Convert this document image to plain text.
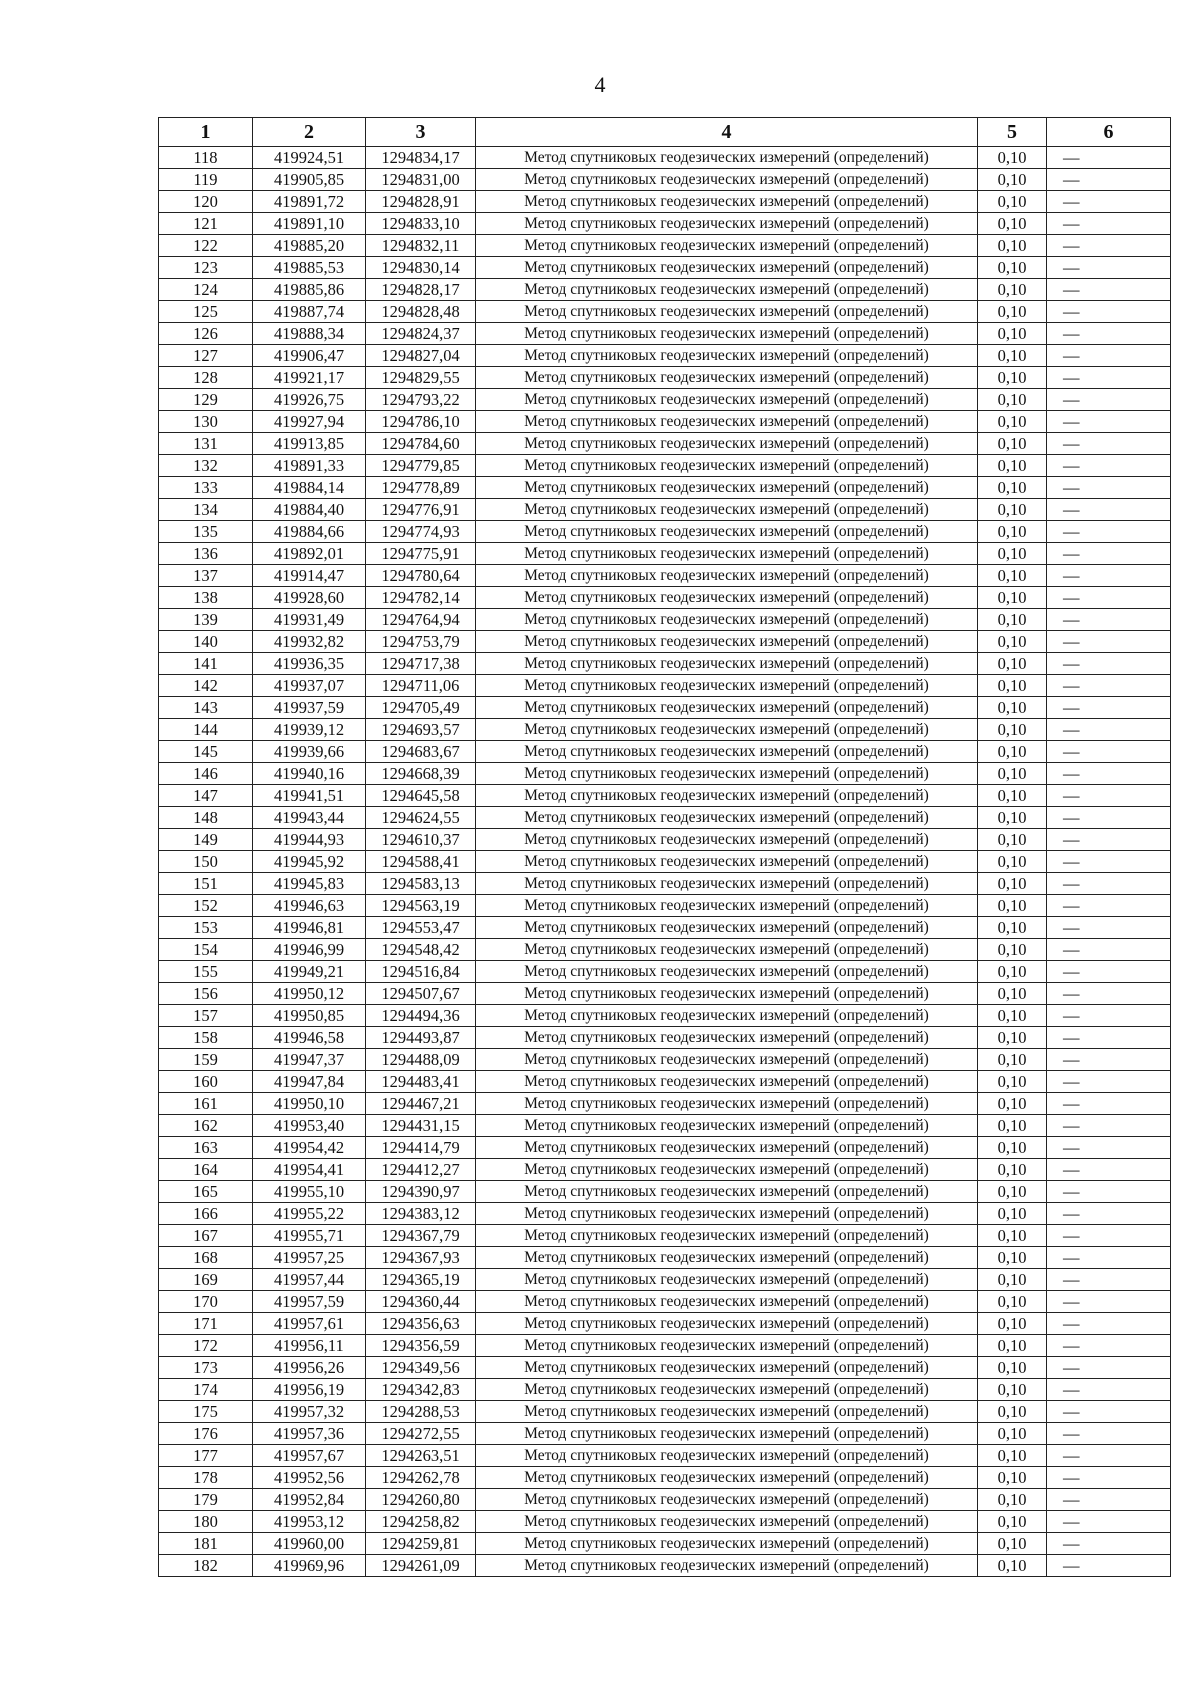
4
1	2	3	4	5	6
118	419924,51	1294834,17	Метод спутниковых геодезических измерений (определений)	0,10	—
119	419905,85	1294831,00	Метод спутниковых геодезических измерений (определений)	0,10	—
120	419891,72	1294828,91	Метод спутниковых геодезических измерений (определений)	0,10	—
121	419891,10	1294833,10	Метод спутниковых геодезических измерений (определений)	0,10	—
122	419885,20	1294832,11	Метод спутниковых геодезических измерений (определений)	0,10	—
123	419885,53	1294830,14	Метод спутниковых геодезических измерений (определений)	0,10	—
124	419885,86	1294828,17	Метод спутниковых геодезических измерений (определений)	0,10	—
125	419887,74	1294828,48	Метод спутниковых геодезических измерений (определений)	0,10	—
126	419888,34	1294824,37	Метод спутниковых геодезических измерений (определений)	0,10	—
127	419906,47	1294827,04	Метод спутниковых геодезических измерений (определений)	0,10	—
128	419921,17	1294829,55	Метод спутниковых геодезических измерений (определений)	0,10	—
129	419926,75	1294793,22	Метод спутниковых геодезических измерений (определений)	0,10	—
130	419927,94	1294786,10	Метод спутниковых геодезических измерений (определений)	0,10	—
131	419913,85	1294784,60	Метод спутниковых геодезических измерений (определений)	0,10	—
132	419891,33	1294779,85	Метод спутниковых геодезических измерений (определений)	0,10	—
133	419884,14	1294778,89	Метод спутниковых геодезических измерений (определений)	0,10	—
134	419884,40	1294776,91	Метод спутниковых геодезических измерений (определений)	0,10	—
135	419884,66	1294774,93	Метод спутниковых геодезических измерений (определений)	0,10	—
136	419892,01	1294775,91	Метод спутниковых геодезических измерений (определений)	0,10	—
137	419914,47	1294780,64	Метод спутниковых геодезических измерений (определений)	0,10	—
138	419928,60	1294782,14	Метод спутниковых геодезических измерений (определений)	0,10	—
139	419931,49	1294764,94	Метод спутниковых геодезических измерений (определений)	0,10	—
140	419932,82	1294753,79	Метод спутниковых геодезических измерений (определений)	0,10	—
141	419936,35	1294717,38	Метод спутниковых геодезических измерений (определений)	0,10	—
142	419937,07	1294711,06	Метод спутниковых геодезических измерений (определений)	0,10	—
143	419937,59	1294705,49	Метод спутниковых геодезических измерений (определений)	0,10	—
144	419939,12	1294693,57	Метод спутниковых геодезических измерений (определений)	0,10	—
145	419939,66	1294683,67	Метод спутниковых геодезических измерений (определений)	0,10	—
146	419940,16	1294668,39	Метод спутниковых геодезических измерений (определений)	0,10	—
147	419941,51	1294645,58	Метод спутниковых геодезических измерений (определений)	0,10	—
148	419943,44	1294624,55	Метод спутниковых геодезических измерений (определений)	0,10	—
149	419944,93	1294610,37	Метод спутниковых геодезических измерений (определений)	0,10	—
150	419945,92	1294588,41	Метод спутниковых геодезических измерений (определений)	0,10	—
151	419945,83	1294583,13	Метод спутниковых геодезических измерений (определений)	0,10	—
152	419946,63	1294563,19	Метод спутниковых геодезических измерений (определений)	0,10	—
153	419946,81	1294553,47	Метод спутниковых геодезических измерений (определений)	0,10	—
154	419946,99	1294548,42	Метод спутниковых геодезических измерений (определений)	0,10	—
155	419949,21	1294516,84	Метод спутниковых геодезических измерений (определений)	0,10	—
156	419950,12	1294507,67	Метод спутниковых геодезических измерений (определений)	0,10	—
157	419950,85	1294494,36	Метод спутниковых геодезических измерений (определений)	0,10	—
158	419946,58	1294493,87	Метод спутниковых геодезических измерений (определений)	0,10	—
159	419947,37	1294488,09	Метод спутниковых геодезических измерений (определений)	0,10	—
160	419947,84	1294483,41	Метод спутниковых геодезических измерений (определений)	0,10	—
161	419950,10	1294467,21	Метод спутниковых геодезических измерений (определений)	0,10	—
162	419953,40	1294431,15	Метод спутниковых геодезических измерений (определений)	0,10	—
163	419954,42	1294414,79	Метод спутниковых геодезических измерений (определений)	0,10	—
164	419954,41	1294412,27	Метод спутниковых геодезических измерений (определений)	0,10	—
165	419955,10	1294390,97	Метод спутниковых геодезических измерений (определений)	0,10	—
166	419955,22	1294383,12	Метод спутниковых геодезических измерений (определений)	0,10	—
167	419955,71	1294367,79	Метод спутниковых геодезических измерений (определений)	0,10	—
168	419957,25	1294367,93	Метод спутниковых геодезических измерений (определений)	0,10	—
169	419957,44	1294365,19	Метод спутниковых геодезических измерений (определений)	0,10	—
170	419957,59	1294360,44	Метод спутниковых геодезических измерений (определений)	0,10	—
171	419957,61	1294356,63	Метод спутниковых геодезических измерений (определений)	0,10	—
172	419956,11	1294356,59	Метод спутниковых геодезических измерений (определений)	0,10	—
173	419956,26	1294349,56	Метод спутниковых геодезических измерений (определений)	0,10	—
174	419956,19	1294342,83	Метод спутниковых геодезических измерений (определений)	0,10	—
175	419957,32	1294288,53	Метод спутниковых геодезических измерений (определений)	0,10	—
176	419957,36	1294272,55	Метод спутниковых геодезических измерений (определений)	0,10	—
177	419957,67	1294263,51	Метод спутниковых геодезических измерений (определений)	0,10	—
178	419952,56	1294262,78	Метод спутниковых геодезических измерений (определений)	0,10	—
179	419952,84	1294260,80	Метод спутниковых геодезических измерений (определений)	0,10	—
180	419953,12	1294258,82	Метод спутниковых геодезических измерений (определений)	0,10	—
181	419960,00	1294259,81	Метод спутниковых геодезических измерений (определений)	0,10	—
182	419969,96	1294261,09	Метод спутниковых геодезических измерений (определений)	0,10	—
